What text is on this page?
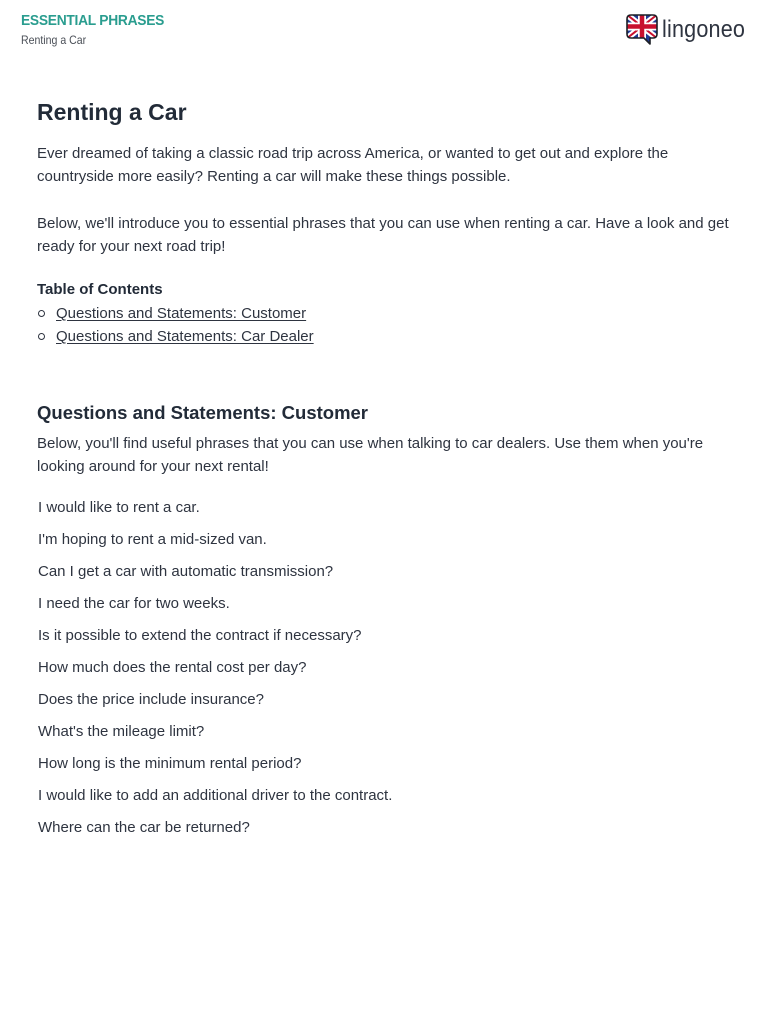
ESSENTIAL PHRASES
Renting a Car	lingoneo
Renting a Car

Ever dreamed of taking a classic road trip across America, or wanted to get out and explore the countryside more easily? Renting a car will make these things possible.

Below, we'll introduce you to essential phrases that you can use when renting a car. Have a look and get ready for your next road trip!

Table of Contents
Questions and Statements: Customer
Questions and Statements: Car Dealer
Questions and Statements: Customer

Below, you'll find useful phrases that you can use when talking to car dealers. Use them when you're looking around for your next rental!

I would like to rent a car.
I'm hoping to rent a mid-sized van.
Can I get a car with automatic transmission?
I need the car for two weeks.
Is it possible to extend the contract if necessary?
How much does the rental cost per day?
Does the price include insurance?
What's the mileage limit?
How long is the minimum rental period?
I would like to add an additional driver to the contract.
Where can the car be returned?
